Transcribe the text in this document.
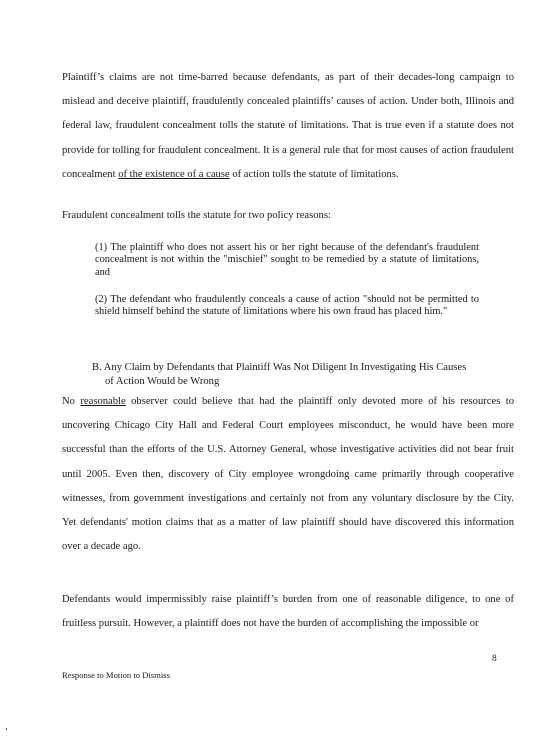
Plaintiff’s claims are not time-barred because defendants, as part of their decades-long campaign to mislead and deceive plaintiff, fraudulently concealed plaintiffs’ causes of action. Under both, Illinois and federal law, fraudulent concealment tolls the statute of limitations. That is true even if a statute does not provide for tolling for fraudulent concealment. It is a general rule that for most causes of action fraudulent concealment of the existence of a cause of action tolls the statute of limitations.

Fraudulent concealment tolls the statute for two policy reasons:

(1) The plaintiff who does not assert his or her right because of the defendant's fraudulent concealment is not within the "mischief" sought to be remedied by a statute of limitations, and

(2) The defendant who fraudulently conceals a cause of action "should not be permitted to shield himself behind the statute of limitations where his own fraud has placed him."

B. Any Claim by Defendants that Plaintiff Was Not Diligent In Investigating His Causes
of Action Would be Wrong

No reasonable observer could believe that had the plaintiff only devoted more of his resources to uncovering Chicago City Hall and Federal Court employees misconduct, he would have been more successful than the efforts of the U.S. Attorney General, whose investigative activities did not bear fruit until 2005. Even then, discovery of City employee wrongdoing came primarily through cooperative witnesses, from government investigations and certainly not from any voluntary disclosure by the City. Yet defendants' motion claims that as a matter of law plaintiff should have discovered this information over a decade ago.

Defendants would impermissibly raise plaintiff’s burden from one of reasonable diligence, to one of fruitless pursuit. However, a plaintiff does not have the burden of accomplishing the impossible or

8

Response to Motion to Dismiss
